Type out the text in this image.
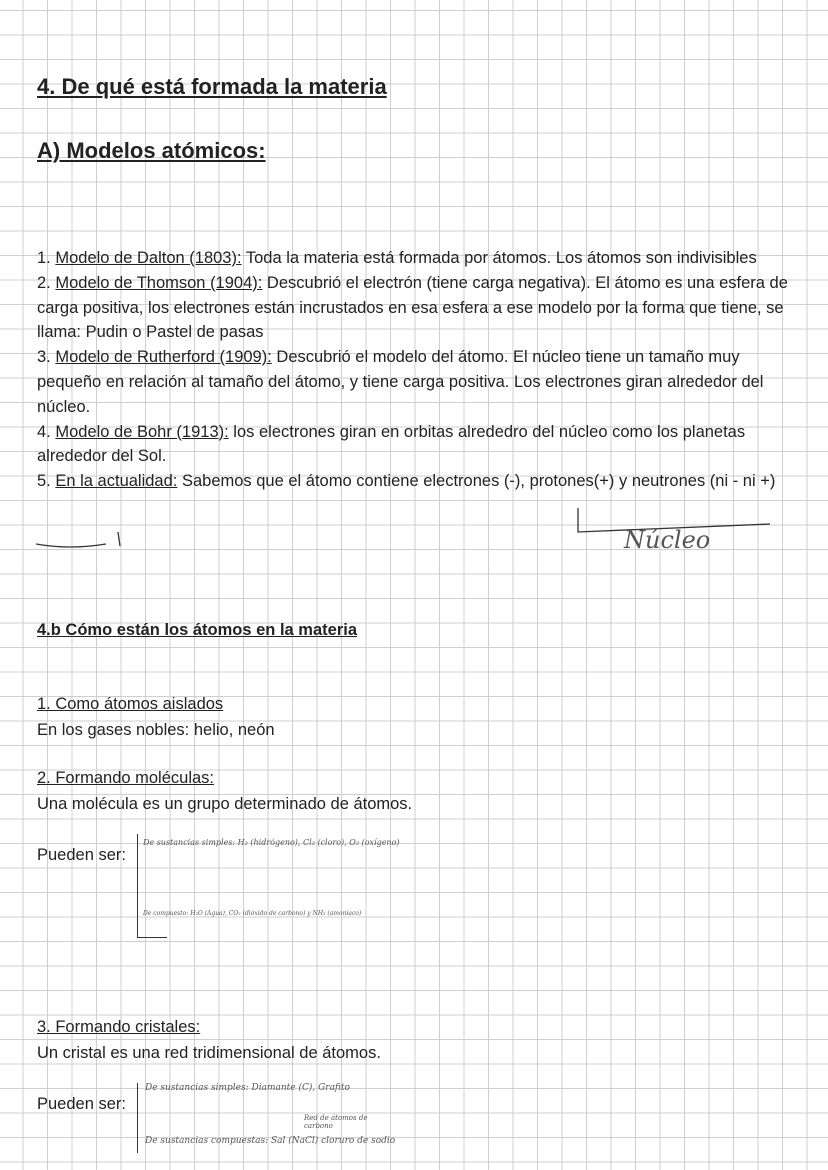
4. De qué está formada la materia
A) Modelos atómicos:
1. Modelo de Dalton (1803): Toda la materia está formada por átomos. Los átomos son indivisibles
2. Modelo de Thomson (1904): Descubrió el electrón (tiene carga negativa). El átomo es una esfera de carga positiva, los electrones están incrustados en esa esfera a ese modelo por la forma que tiene, se llama: Pudin o Pastel de pasas
3. Modelo de Rutherford (1909): Descubrió el modelo del átomo. El núcleo tiene un tamaño muy pequeño en relación al tamaño del átomo, y tiene carga positiva. Los electrones giran alrededor del núcleo.
4. Modelo de Bohr (1913): los electrones giran en orbitas alrededro del núcleo como los planetas alrededor del Sol.
5. En la actualidad: Sabemos que el átomo contiene electrones (-), protones(+) y neutrones (ni - ni +)
Núcleo
4.b Cómo están los átomos en la materia
1. Como átomos aislados
En los gases nobles: helio, neón
2. Formando moléculas:
Una molécula es un grupo determinado de átomos.
Pueden ser:
De sustancias simples: H₂ (hidrógeno), Cl₂ (cloro), O₂ (oxígeno)
De compuesto: H₂O (Agua), CO₂ (dióxido de carbono) y NH₃ (amoniaco)
3. Formando cristales:
Un cristal es una red tridimensional de átomos.
Pueden ser:
De sustancias simples: Diamante (C), Grafito
Red de átomos de carbono
De sustancias compuestas: Sal (NaCl) cloruro de sodio
